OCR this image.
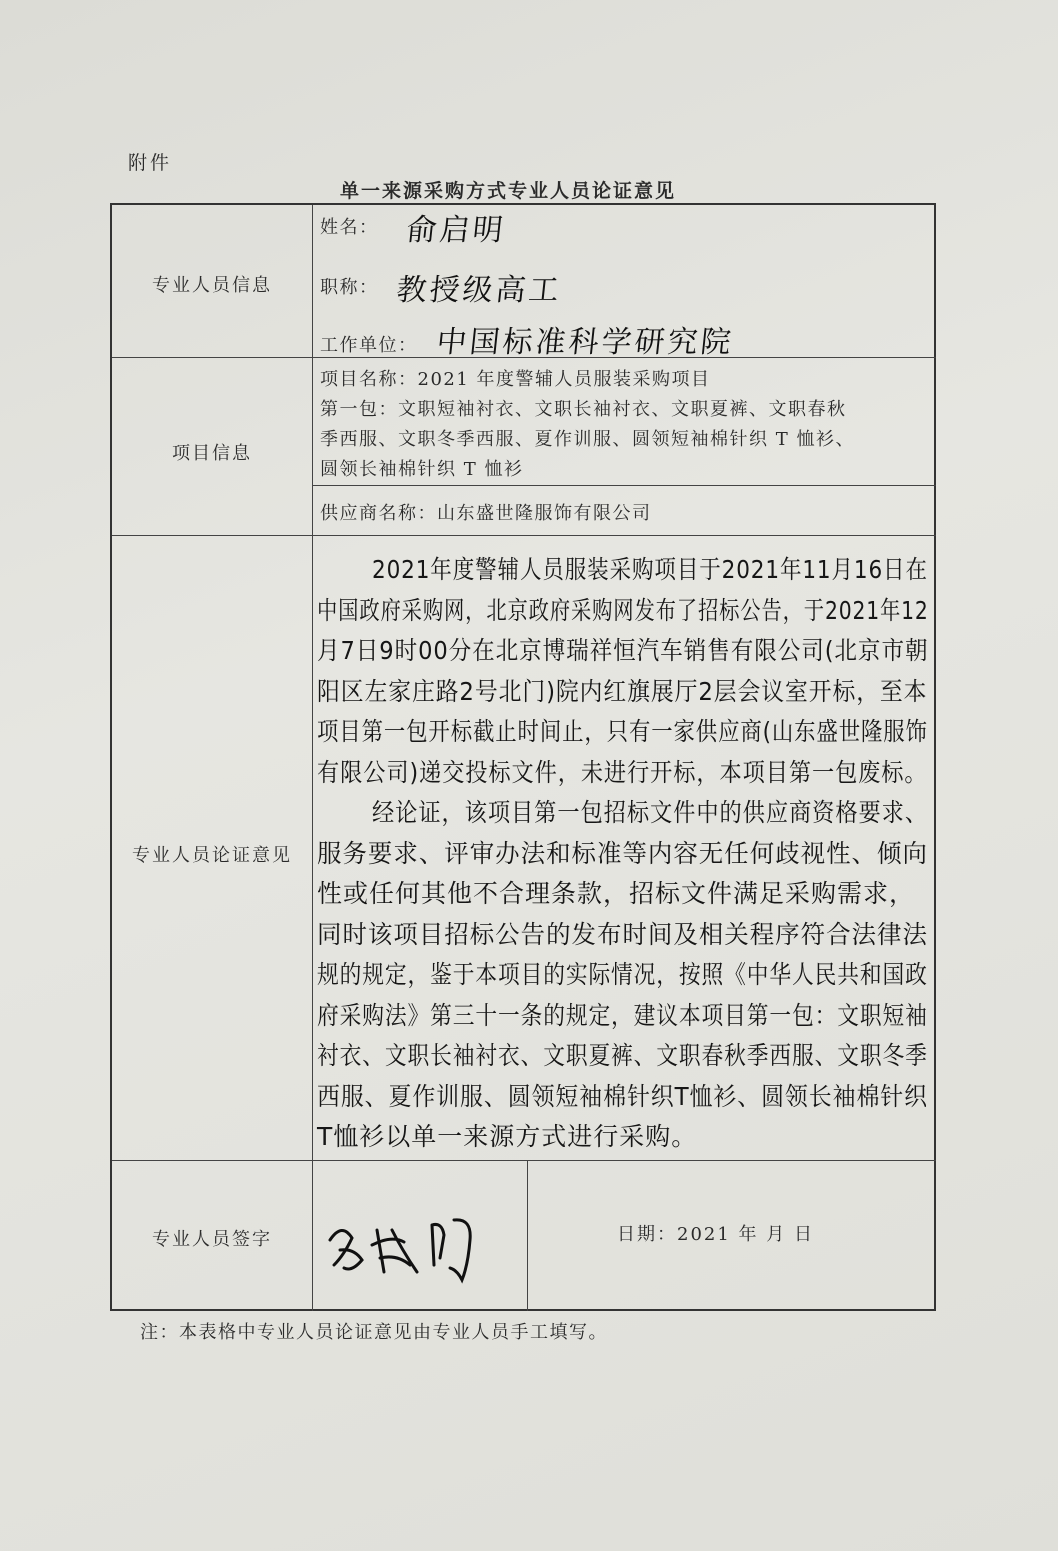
附件
单一来源采购方式专业人员论证意见
专业人员信息
姓名： 俞启明
职称： 教授级高工
工作单位： 中国标准科学研究院
项目信息
项目名称：2021 年度警辅人员服装采购项目
第一包：文职短袖衬衣、文职长袖衬衣、文职夏裤、文职春秋
季西服、文职冬季西服、夏作训服、圆领短袖棉针织 T 恤衫、
圆领长袖棉针织 T 恤衫
供应商名称：山东盛世隆服饰有限公司
专业人员论证意见
2021年度警辅人员服装采购项目于2021年11月16日在
中国政府采购网，北京政府采购网发布了招标公告，于2021年12
月7日9时00分在北京博瑞祥恒汽车销售有限公司(北京市朝
阳区左家庄路2号北门)院内红旗展厅2层会议室开标，至本
项目第一包开标截止时间止，只有一家供应商(山东盛世隆服饰
有限公司)递交投标文件，未进行开标，本项目第一包废标。
经论证，该项目第一包招标文件中的供应商资格要求、
服务要求、评审办法和标准等内容无任何歧视性、倾向
性或任何其他不合理条款，招标文件满足采购需求，
同时该项目招标公告的发布时间及相关程序符合法律法
规的规定，鉴于本项目的实际情况，按照《中华人民共和国政
府采购法》第三十一条的规定，建议本项目第一包：文职短袖
衬衣、文职长袖衬衣、文职夏裤、文职春秋季西服、文职冬季
西服、夏作训服、圆领短袖棉针织T恤衫、圆领长袖棉针织
T恤衫以单一来源方式进行采购。
专业人员签字	日期：2021 年 月 日
注：本表格中专业人员论证意见由专业人员手工填写。
